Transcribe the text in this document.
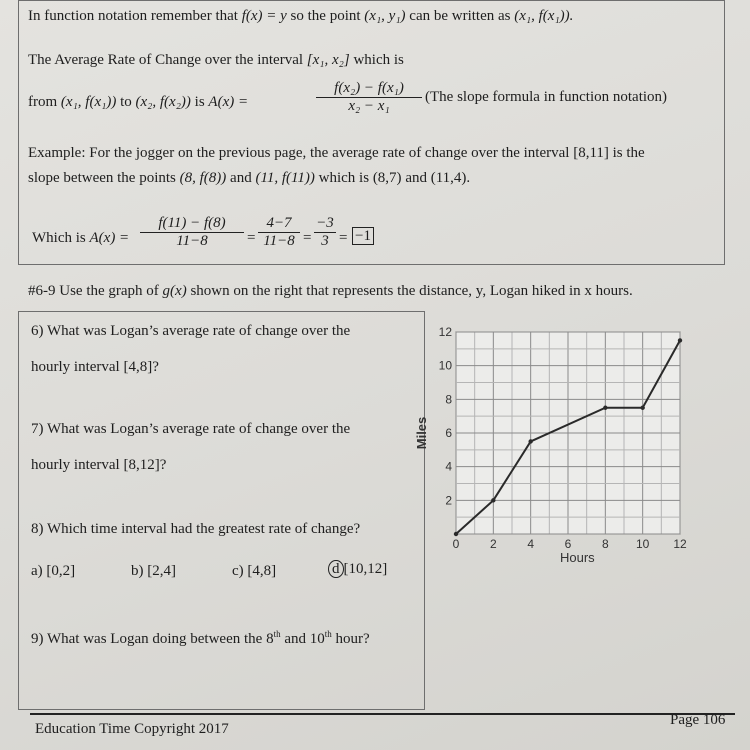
In function notation remember that f(x) = y so the point (x₁, y₁) can be written as (x₁, f(x₁)).
The Average Rate of Change over the interval [x₁, x₂] which is
from (x₁, f(x₁)) to (x₂, f(x₂)) is A(x) =	$\frac{\text{f(x₂) − f(x₁)}}{\text{x₂ − x₁}} (The$ slope formula in function notation)
Example: For the jogger on the previous page, the average rate of change over the interval [8,11] is the
slope between the points (8, f(8)) and (11, f(11)) which is (8,7) and (11,4).
Which is $A(x) = \frac{f(11) - f(8)}{11-8} = \frac{4-7}{11-8} = \frac{-3}{3} = -1$
#6-9 Use the graph of g(x) shown on the right that represents the distance, y, Logan hiked in x hours.
6) What was Logan’s average rate of change over the
hourly interval [4,8]?
7) What was Logan’s average rate of change over the
hourly interval [8,12]?
8) Which time interval had the greatest rate of change?
a) [0,2]	b) [2,4]	c) [4,8]	d [10,12]
9) What was Logan doing between the 8th and 10th hour?
0	2	4	6	8 10 12
2
4
6
8
10
12
Hours
Miles
Education Time Copyright 2017
Page 106
